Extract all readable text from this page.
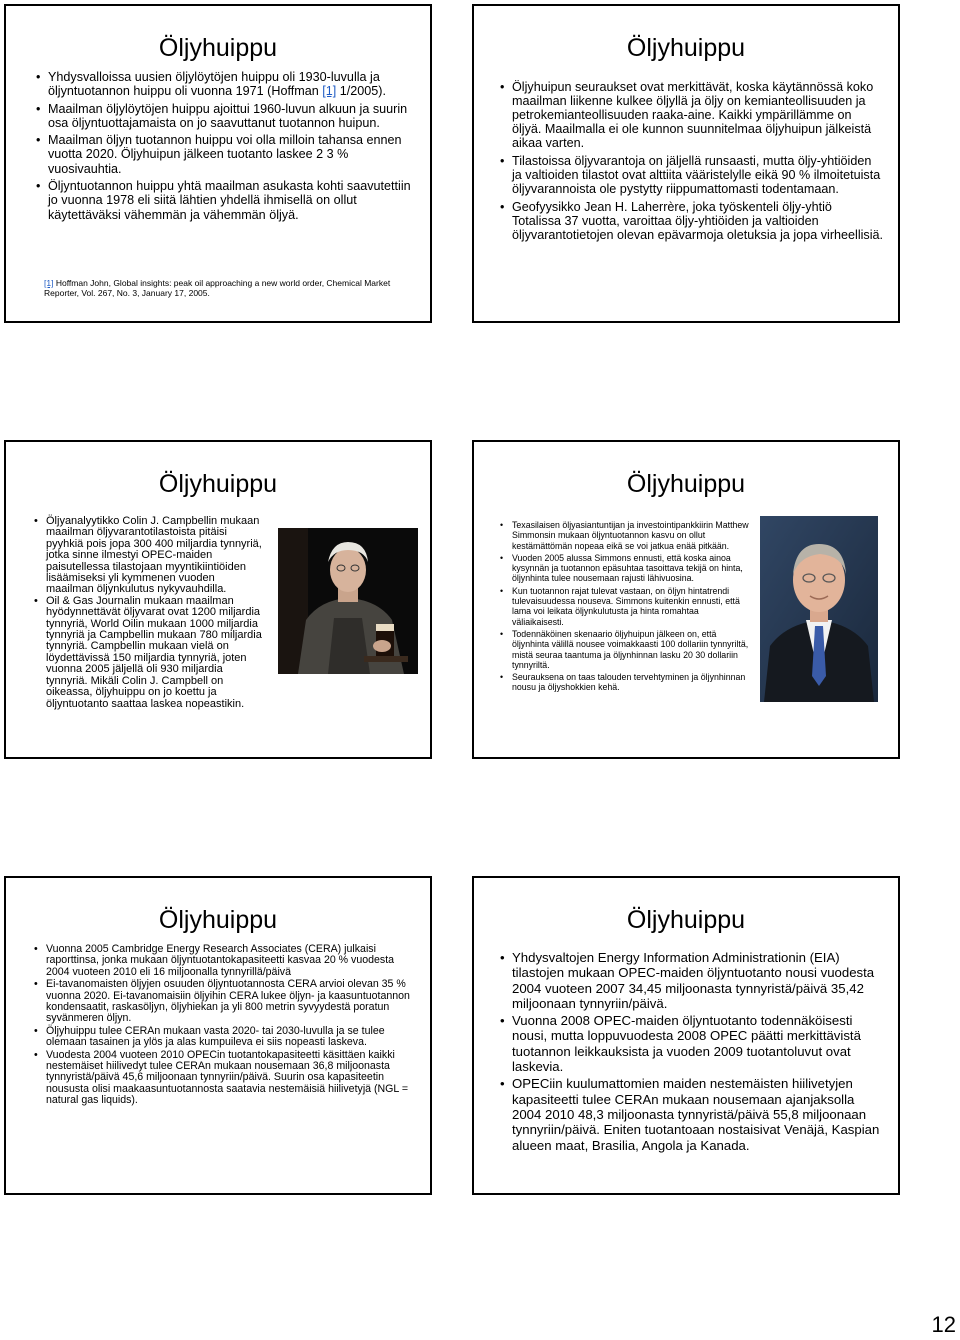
Öljyhuippu
• Yhdysvalloissa uusien öljylöytöjen huippu oli 1930-luvulla ja öljyntuotannon huippu oli vuonna 1971 (Hoffman [1] 1/2005).
• Maailman öljylöytöjen huippu ajoittui 1960-luvun alkuun ja suurin osa öljyntuottajamaista on jo saavuttanut tuotannon huipun.
• Maailman öljyn tuotannon huippu voi olla milloin tahansa ennen vuotta 2020. Öljyhuipun jälkeen tuotanto laskee 2 3 % vuosivauhtia.
• Öljyntuotannon huippu yhtä maailman asukasta kohti saavutettiin jo vuonna 1978 eli siitä lähtien yhdellä ihmisellä on ollut käytettäväksi vähemmän ja vähemmän öljyä.
[1] Hoffman John, Global insights: peak oil approaching a new world order, Chemical Market Reporter, Vol. 267, No. 3, January 17, 2005.
Öljyhuippu
• Öljyhuipun seuraukset ovat merkittävät, koska käytännössä koko maailman liikenne kulkee öljyllä ja öljy on kemianteollisuuden ja petrokemianteollisuuden raaka-aine. Kaikki ympärillämme on öljyä. Maailmalla ei ole kunnon suunnitelmaa öljyhuipun jälkeistä aikaa varten.
• Tilastoissa öljyvarantoja on jäljellä runsaasti, mutta öljy-yhtiöiden ja valtioiden tilastot ovat alttiita vääristelylle eikä 90 % ilmoitetuista öljyvarannoista ole pystytty riippumattomasti todentamaan.
• Geofyysikko Jean H. Laherrère, joka työskenteli öljy-yhtiö Totalissa 37 vuotta, varoittaa öljy-yhtiöiden ja valtioiden öljyvarantotietojen olevan epävarmoja oletuksia ja jopa virheellisiä.
Öljyhuippu
• Öljyanalyytikko Colin J. Campbellin mukaan maailman öljyvarantotilastoista pitäisi pyyhkiä pois jopa 300 400 miljardia tynnyriä, jotka sinne ilmestyi OPEC-maiden paisutellessa tilastojaan myyntikiintiöiden lisäämiseksi yli kymmenen vuoden maailman öljynkulutus nykyvauhdilla.
• Oil & Gas Journalin mukaan maailman hyödynnettävät öljyvarat ovat 1200 miljardia tynnyriä, World Oilin mukaan 1000 miljardia tynnyriä ja Campbellin mukaan 780 miljardia tynnyriä. Campbellin mukaan vielä on löydettävissä 150 miljardia tynnyriä, joten vuonna 2005 jäljellä oli 930 miljardia tynnyriä. Mikäli Colin J. Campbell on oikeassa, öljyhuippu on jo koettu ja öljyntuotanto saattaa laskea nopeastikin.
Öljyhuippu
• Texasilaisen öljyasiantuntijan ja investointipankkiirin Matthew Simmonsin mukaan öljyntuotannon kasvu on ollut kestämättömän nopeaa eikä se voi jatkua enää pitkään.
• Vuoden 2005 alussa Simmons ennusti, että koska ainoa kysynnän ja tuotannon epäsuhtaa tasoittava tekijä on hinta, öljynhinta tulee nousemaan rajusti lähivuosina.
• Kun tuotannon rajat tulevat vastaan, on öljyn hintatrendi tulevaisuudessa nouseva. Simmons kuitenkin ennusti, että lama voi leikata öljynkulutusta ja hinta romahtaa väliaikaisesti.
• Todennäköinen skenaario öljyhuipun jälkeen on, että öljynhinta välillä nousee voimakkaasti 100 dollariin tynnyriltä, mistä seuraa taantuma ja öljynhinnan lasku 20 30 dollariin tynnyriltä.
• Seurauksena on taas talouden tervehtyminen ja öljynhinnan nousu ja öljyshokkien kehä.
Öljyhuippu
• Vuonna 2005 Cambridge Energy Research Associates (CERA) julkaisi raporttinsa, jonka mukaan öljyntuotantokapasiteetti kasvaa 20 % vuodesta 2004 vuoteen 2010 eli 16 miljoonalla tynnyrillä/päivä
• Ei-tavanomaisten öljyjen osuuden öljyntuotannosta CERA arvioi olevan 35 % vuonna 2020. Ei-tavanomaisiin öljyihin CERA lukee öljyn- ja kaasuntuotannon kondensaatit, raskasöljyn, öljyhiekan ja yli 800 metrin syvyydestä poratun syvänmeren öljyn.
• Öljyhuippu tulee CERAn mukaan vasta 2020- tai 2030-luvulla ja se tulee olemaan tasainen ja ylös ja alas kumpuileva ei siis nopeasti laskeva.
• Vuodesta 2004 vuoteen 2010 OPECin tuotantokapasiteetti käsittäen kaikki nestemäiset hiilivedyt tulee CERAn mukaan nousemaan 36,8 miljoonasta tynnyristä/päivä 45,6 miljoonaan tynnyriin/päivä. Suurin osa kapasiteetin noususta olisi maakaasuntuotannosta saatavia nestemäisiä hiilivetyjä (NGL = natural gas liquids).
Öljyhuippu
• Yhdysvaltojen Energy Information Administrationin (EIA) tilastojen mukaan OPEC-maiden öljyntuotanto nousi vuodesta 2004 vuoteen 2007 34,45 miljoonasta tynnyristä/päivä 35,42 miljoonaan tynnyriin/päivä.
• Vuonna 2008 OPEC-maiden öljyntuotanto todennäköisesti nousi, mutta loppuvuodesta 2008 OPEC päätti merkittävistä tuotannon leikkauksista ja vuoden 2009 tuotantoluvut ovat laskevia.
• OPECiin kuulumattomien maiden nestemäisten hiilivetyjen kapasiteetti tulee CERAn mukaan nousemaan ajanjaksolla 2004 2010 48,3 miljoonasta tynnyristä/päivä 55,8 miljoonaan tynnyriin/päivä. Eniten tuotantoaan nostaisivat Venäjä, Kaspian alueen maat, Brasilia, Angola ja Kanada.
12
